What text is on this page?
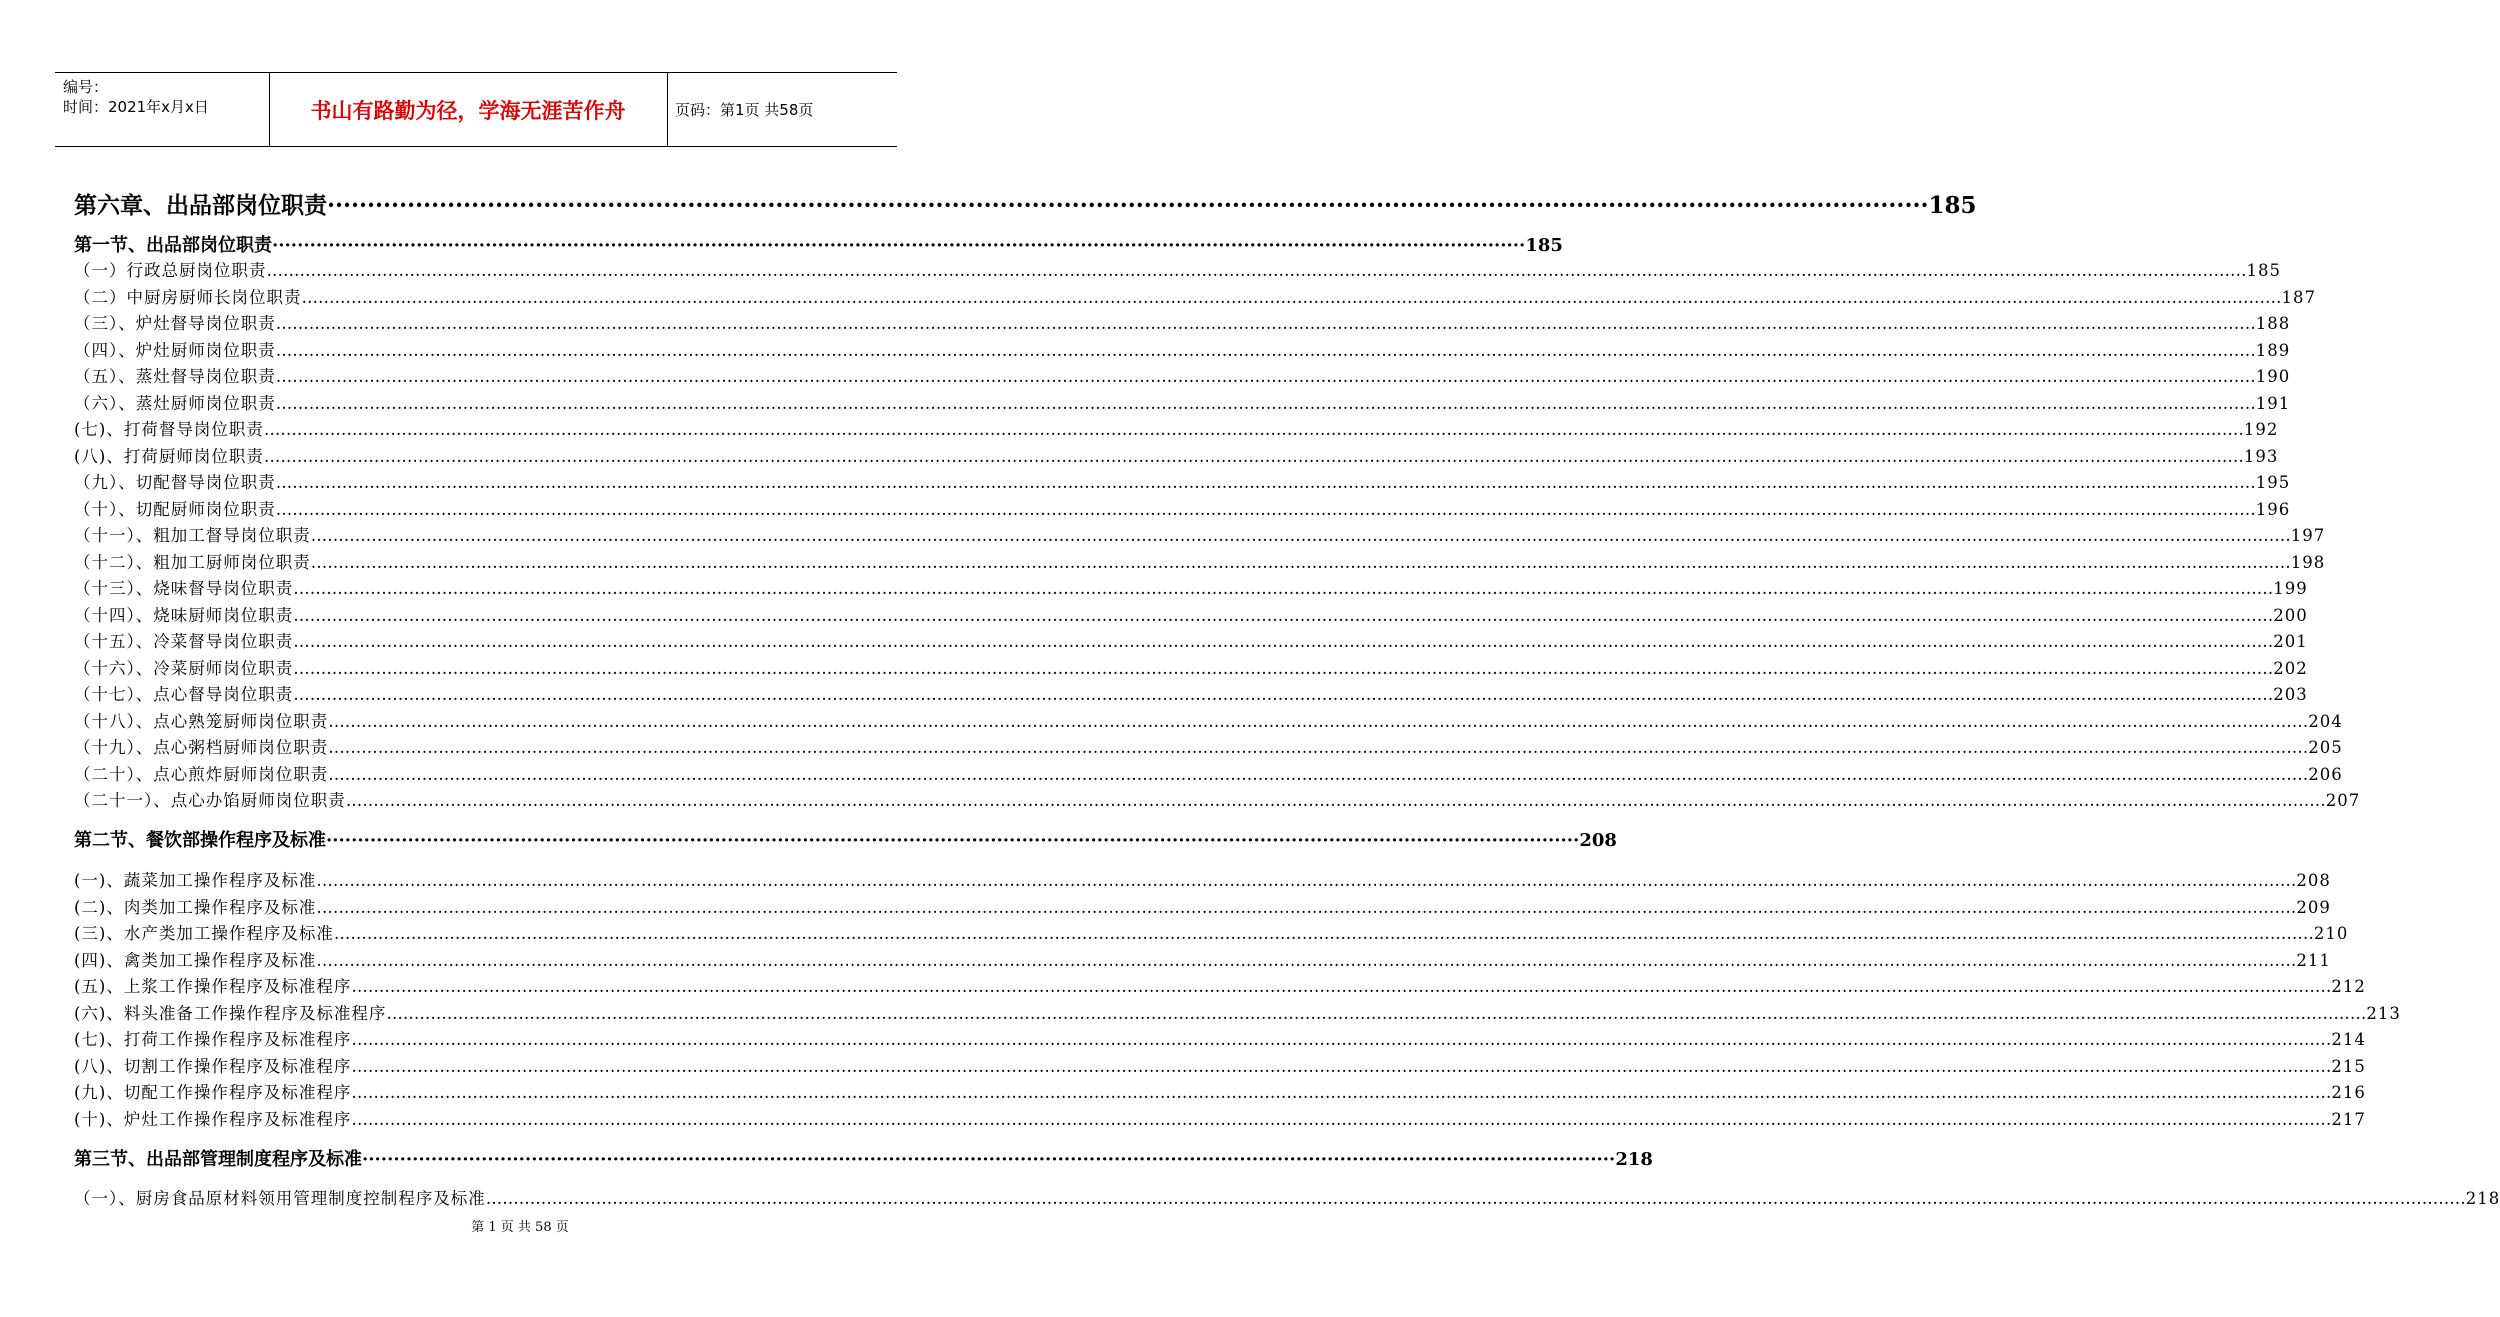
编号：
时间：2021年x月x日	书山有路勤为径，学海无涯苦作舟	页码：第1页 共58页
第六章、出品部岗位职责 ········································································································································································································ 185
第一节、出品部岗位职责 ········································································································································································································ 185
（一）行政总厨岗位职责 ……………………………………………………………………………………………………………………………………………………………………………………………………………………………………………………………………………………………………………………………… 185
（二）中厨房厨师长岗位职责 ……………………………………………………………………………………………………………………………………………………………………………………………………………………………………………………………………………………………………………………………… 187
（三）、炉灶督导岗位职责 ……………………………………………………………………………………………………………………………………………………………………………………………………………………………………………………………………………………………………………………………… 188
（四）、炉灶厨师岗位职责 ……………………………………………………………………………………………………………………………………………………………………………………………………………………………………………………………………………………………………………………………… 189
（五）、蒸灶督导岗位职责 ……………………………………………………………………………………………………………………………………………………………………………………………………………………………………………………………………………………………………………………………… 190
（六）、蒸灶厨师岗位职责 ……………………………………………………………………………………………………………………………………………………………………………………………………………………………………………………………………………………………………………………………… 191
(七)、打荷督导岗位职责 ……………………………………………………………………………………………………………………………………………………………………………………………………………………………………………………………………………………………………………………………… 192
(八)、打荷厨师岗位职责 ……………………………………………………………………………………………………………………………………………………………………………………………………………………………………………………………………………………………………………………………… 193
（九）、切配督导岗位职责 ……………………………………………………………………………………………………………………………………………………………………………………………………………………………………………………………………………………………………………………………… 195
（十）、切配厨师岗位职责 ……………………………………………………………………………………………………………………………………………………………………………………………………………………………………………………………………………………………………………………………… 196
（十一）、粗加工督导岗位职责 ……………………………………………………………………………………………………………………………………………………………………………………………………………………………………………………………………………………………………………………………… 197
（十二）、粗加工厨师岗位职责 ……………………………………………………………………………………………………………………………………………………………………………………………………………………………………………………………………………………………………………………………… 198
（十三）、烧味督导岗位职责 ……………………………………………………………………………………………………………………………………………………………………………………………………………………………………………………………………………………………………………………………… 199
（十四）、烧味厨师岗位职责 ……………………………………………………………………………………………………………………………………………………………………………………………………………………………………………………………………………………………………………………………… 200
（十五）、冷菜督导岗位职责 ……………………………………………………………………………………………………………………………………………………………………………………………………………………………………………………………………………………………………………………………… 201
（十六）、冷菜厨师岗位职责 ……………………………………………………………………………………………………………………………………………………………………………………………………………………………………………………………………………………………………………………………… 202
（十七）、点心督导岗位职责 ……………………………………………………………………………………………………………………………………………………………………………………………………………………………………………………………………………………………………………………………… 203
（十八）、点心熟笼厨师岗位职责 ……………………………………………………………………………………………………………………………………………………………………………………………………………………………………………………………………………………………………………………………… 204
（十九）、点心粥档厨师岗位职责 ……………………………………………………………………………………………………………………………………………………………………………………………………………………………………………………………………………………………………………………………… 205
（二十）、点心煎炸厨师岗位职责 ……………………………………………………………………………………………………………………………………………………………………………………………………………………………………………………………………………………………………………………………… 206
（二十一）、点心办馅厨师岗位职责 ……………………………………………………………………………………………………………………………………………………………………………………………………………………………………………………………………………………………………………………………… 207
第二节、餐饮部操作程序及标准 ········································································································································································································ 208
(一)、蔬菜加工操作程序及标准 ……………………………………………………………………………………………………………………………………………………………………………………………………………………………………………………………………………………………………………………………… 208
(二)、肉类加工操作程序及标准 ……………………………………………………………………………………………………………………………………………………………………………………………………………………………………………………………………………………………………………………………… 209
(三)、水产类加工操作程序及标准 ……………………………………………………………………………………………………………………………………………………………………………………………………………………………………………………………………………………………………………………………… 210
(四)、禽类加工操作程序及标准 ……………………………………………………………………………………………………………………………………………………………………………………………………………………………………………………………………………………………………………………………… 211
(五)、上浆工作操作程序及标准程序 ……………………………………………………………………………………………………………………………………………………………………………………………………………………………………………………………………………………………………………………………… 212
(六)、料头准备工作操作程序及标准程序 ……………………………………………………………………………………………………………………………………………………………………………………………………………………………………………………………………………………………………………………………… 213
(七)、打荷工作操作程序及标准程序 ……………………………………………………………………………………………………………………………………………………………………………………………………………………………………………………………………………………………………………………………… 214
(八)、切割工作操作程序及标准程序 ……………………………………………………………………………………………………………………………………………………………………………………………………………………………………………………………………………………………………………………………… 215
(九)、切配工作操作程序及标准程序 ……………………………………………………………………………………………………………………………………………………………………………………………………………………………………………………………………………………………………………………………… 216
(十)、炉灶工作操作程序及标准程序 ……………………………………………………………………………………………………………………………………………………………………………………………………………………………………………………………………………………………………………………………… 217
第三节、出品部管理制度程序及标准 ········································································································································································································ 218
（一）、厨房食品原材料领用管理制度控制程序及标准 ……………………………………………………………………………………………………………………………………………………………………………………………………………………………………………………………………………………………………………………………… 218
第 1 页 共 58 页
